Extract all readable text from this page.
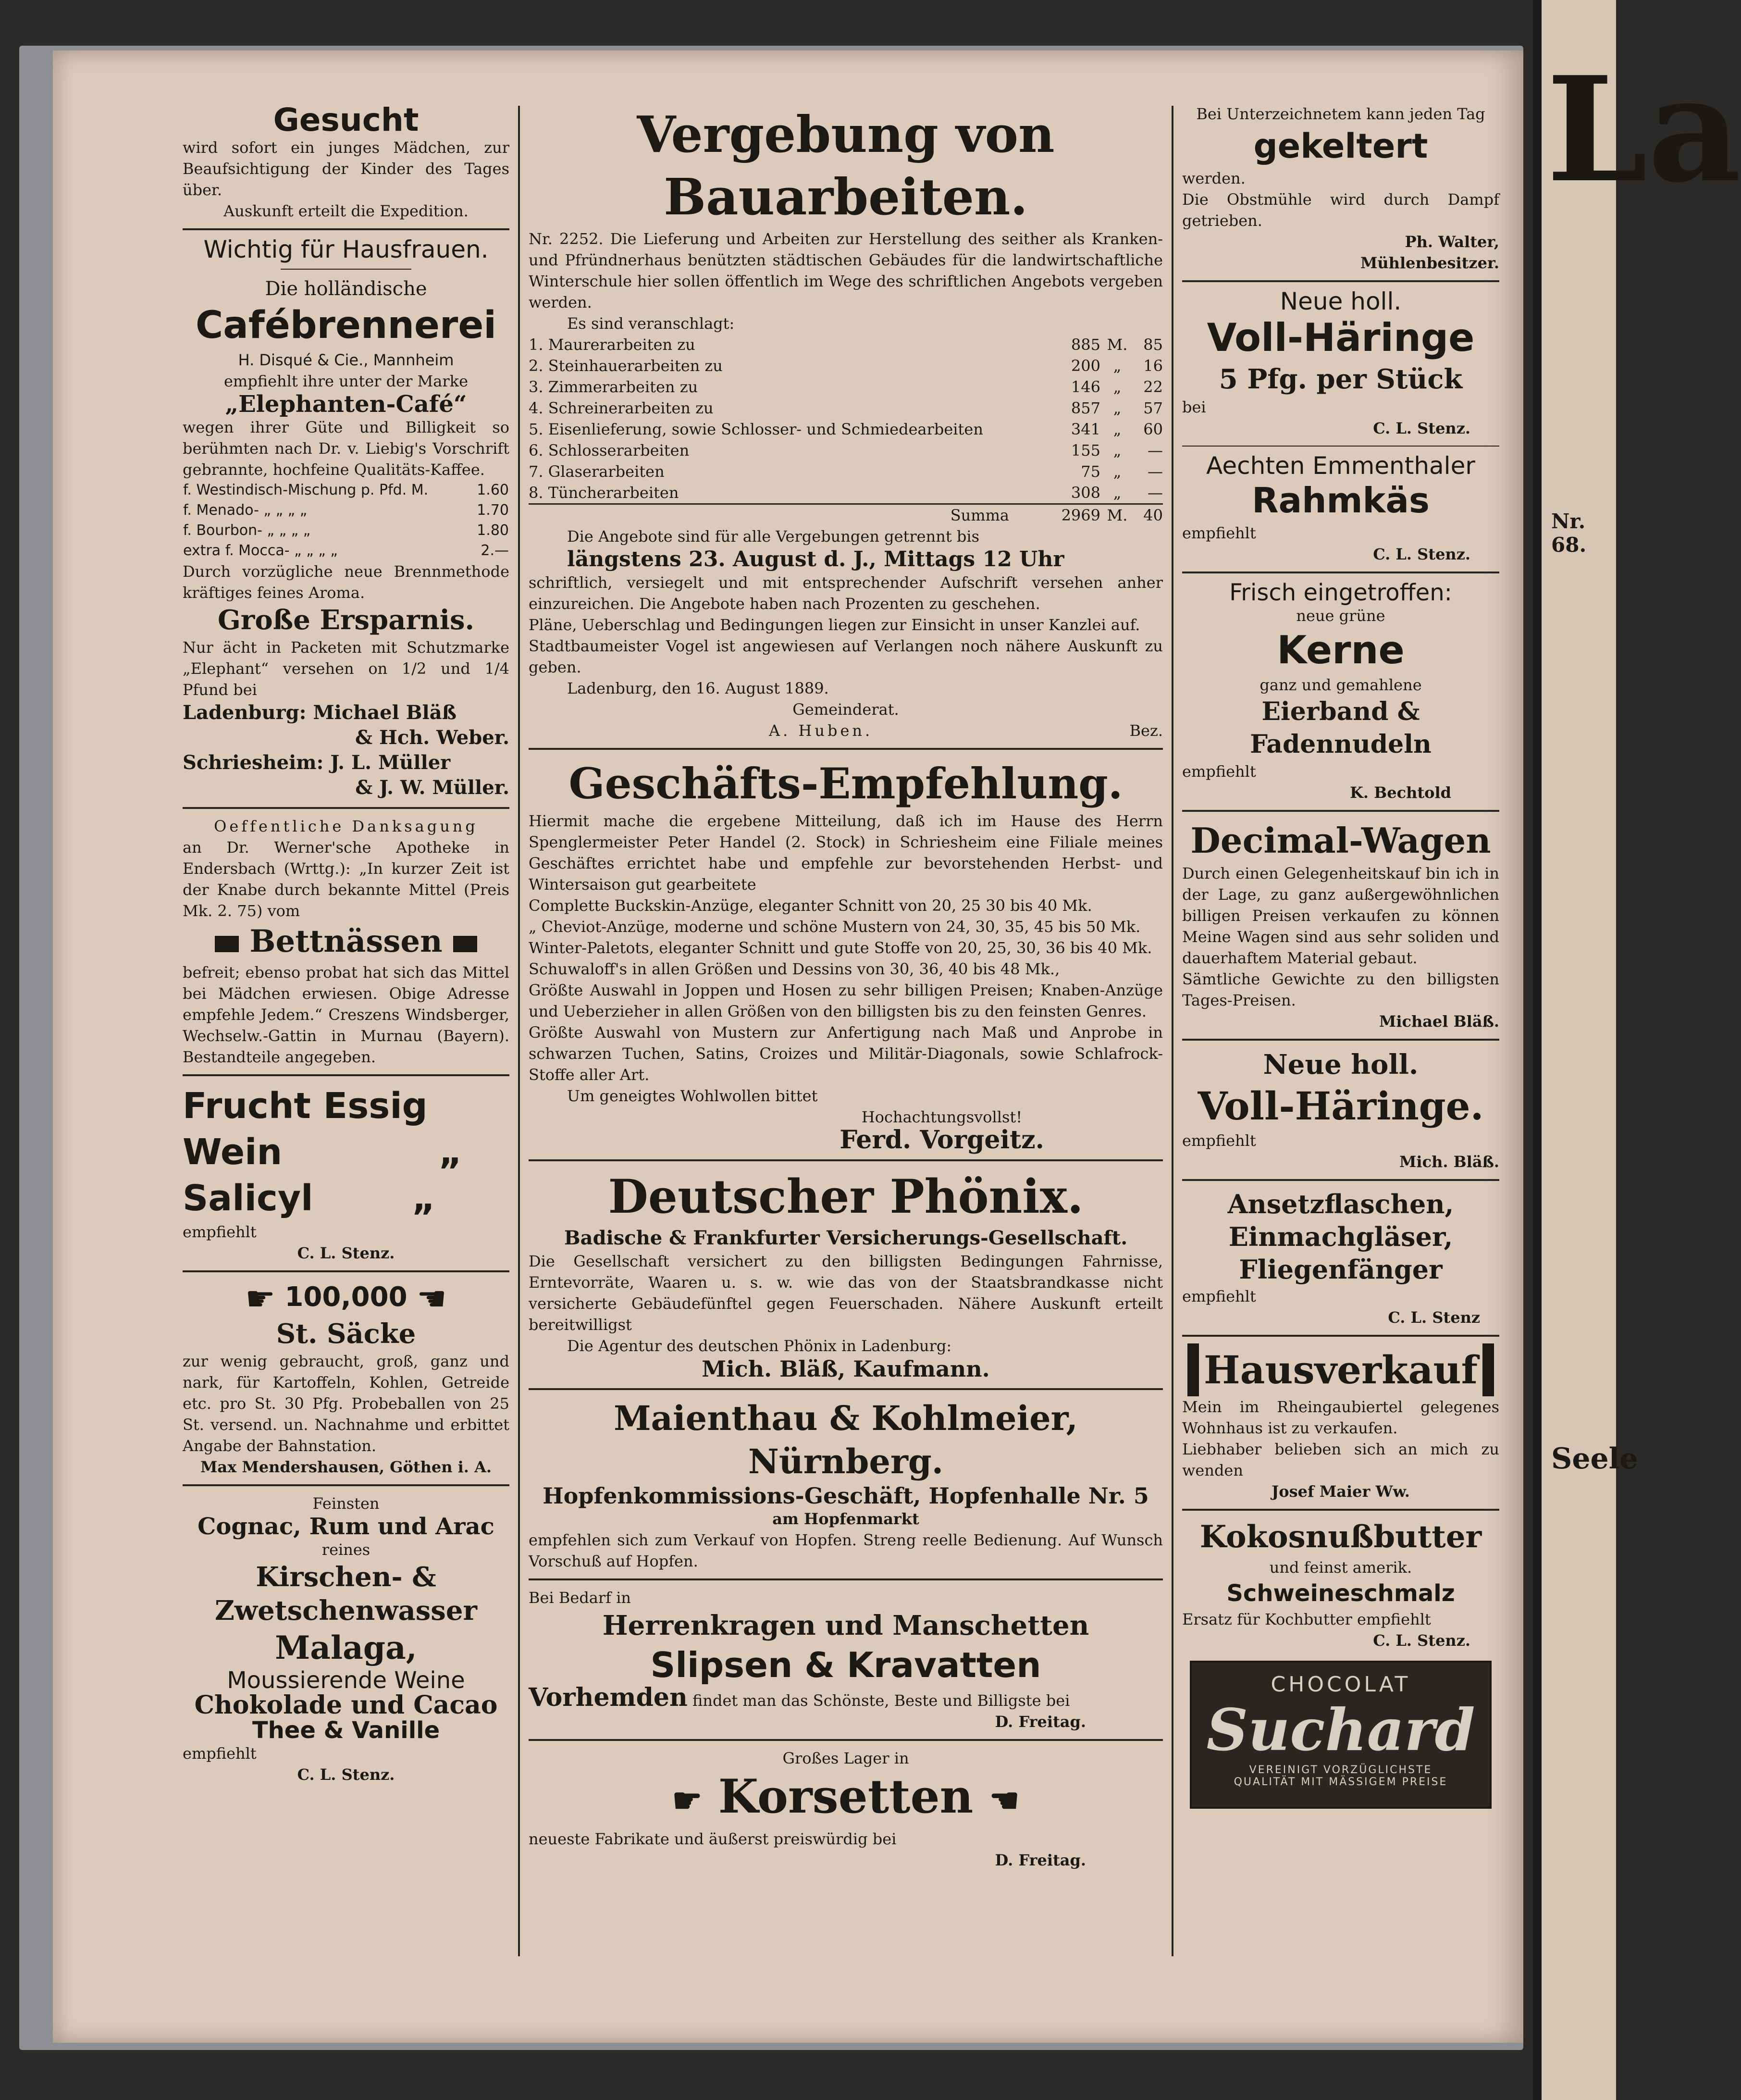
Gesucht
wird sofort ein junges Mädchen, zur Beaufsichtigung der Kinder des Tages über.
Auskunft erteilt die Expedition.
Wichtig für Hausfrauen.
Die holländische
Cafébrennerei
H. Disqué & Cie., Mannheim
empfiehlt ihre unter der Marke
„Elephanten-Café“
wegen ihrer Güte und Billigkeit so berühmten nach Dr. v. Liebig's Vorschrift gebrannte, hochfeine Qualitäts-Kaffee.
f. Westindisch-Mischung p. Pfd. M.	1.60
f. Menado- „ „ „ „	1.70
f. Bourbon- „ „ „ „	1.80
extra f. Mocca- „ „ „ „	2.—
Durch vorzügliche neue Brennmethode kräftiges feines Aroma.
Große Ersparnis.
Nur ächt in Packeten mit Schutzmarke „Elephant“ versehen on 1/2 und 1/4 Pfund bei
Ladenburg: Michael Bläß
& Hch. Weber.
Schriesheim: J. L. Müller
& J. W. Müller.
Oeffentliche Danksagung
an Dr. Werner'sche Apotheke in Endersbach (Wrttg.): „In kurzer Zeit ist der Knabe durch bekannte Mittel (Preis Mk. 2. 75) vom
Bettnässen
befreit; ebenso probat hat sich das Mittel bei Mädchen erwiesen. Obige Adresse empfehle Jedem.“ Creszens Windsberger, Wechselw.-Gattin in Murnau (Bayern). Bestandteile angegeben.
Frucht Essig
Wein	„
Salicyl	„
empfiehlt
C. L. Stenz.
☛ 100,000 ☚
St. Säcke
zur wenig gebraucht, groß, ganz und nark, für Kartoffeln, Kohlen, Getreide etc. pro St. 30 Pfg. Probeballen von 25 St. versend. un. Nachnahme und erbittet Angabe der Bahnstation.
Max Mendershausen, Göthen i. A.
Feinsten
Cognac, Rum und Arac
reines
Kirschen- &
Zwetschenwasser
Malaga,
Moussierende Weine
Chokolade und Cacao
Thee & Vanille
empfiehlt
C. L. Stenz.
Vergebung von Bauarbeiten.
Nr. 2252. Die Lieferung und Arbeiten zur Herstellung des seither als Kranken- und Pfründnerhaus benützten städtischen Gebäudes für die landwirtschaftliche Winterschule hier sollen öffentlich im Wege des schriftlichen Angebots vergeben werden.
Es sind veranschlagt:
1. Maurerarbeiten zu	885	M.	85
2. Steinhauerarbeiten zu	200	„	16
3. Zimmerarbeiten zu	146	„	22
4. Schreinerarbeiten zu	857	„	57
5. Eisenlieferung, sowie Schlosser- und Schmiedearbeiten	341	„	60
6. Schlosserarbeiten	155	„	—
7. Glaserarbeiten	75	„	—
8. Tüncherarbeiten	308	„	—
Summa	2969	M.	40
Die Angebote sind für alle Vergebungen getrennt bis
längstens 23. August d. J., Mittags 12 Uhr
schriftlich, versiegelt und mit entsprechender Aufschrift versehen anher einzureichen. Die Angebote haben nach Prozenten zu geschehen.
Pläne, Ueberschlag und Bedingungen liegen zur Einsicht in unser Kanzlei auf.
Stadtbaumeister Vogel ist angewiesen auf Verlangen noch nähere Auskunft zu geben.
Ladenburg, den 16. August 1889.
Gemeinderat.
A. Huben.	Bez.
Geschäfts-Empfehlung.
Hiermit mache die ergebene Mitteilung, daß ich im Hause des Herrn Spenglermeister Peter Handel (2. Stock) in Schriesheim eine Filiale meines Geschäftes errichtet habe und empfehle zur bevorstehenden Herbst- und Wintersaison gut gearbeitete
Complette Buckskin-Anzüge, eleganter Schnitt von 20, 25 30 bis 40 Mk.
„ Cheviot-Anzüge, moderne und schöne Mustern von 24, 30, 35, 45 bis 50 Mk.
Winter-Paletots, eleganter Schnitt und gute Stoffe von 20, 25, 30, 36 bis 40 Mk.
Schuwaloff's in allen Größen und Dessins von 30, 36, 40 bis 48 Mk.,
Größte Auswahl in Joppen und Hosen zu sehr billigen Preisen; Knaben-Anzüge und Ueberzieher in allen Größen von den billigsten bis zu den feinsten Genres.
Größte Auswahl von Mustern zur Anfertigung nach Maß und Anprobe in schwarzen Tuchen, Satins, Croizes und Militär-Diagonals, sowie Schlafrock-Stoffe aller Art.
Um geneigtes Wohlwollen bittet
Hochachtungsvollst!
Ferd. Vorgeitz.
Deutscher Phönix.
Badische & Frankfurter Versicherungs-Gesellschaft.
Die Gesellschaft versichert zu den billigsten Bedingungen Fahrnisse, Erntevorräte, Waaren u. s. w. wie das von der Staatsbrandkasse nicht versicherte Gebäudefünftel gegen Feuerschaden. Nähere Auskunft erteilt bereitwilligst
Die Agentur des deutschen Phönix in Ladenburg:
Mich. Bläß, Kaufmann.
Maienthau & Kohlmeier, Nürnberg.
Hopfenkommissions-Geschäft, Hopfenhalle Nr. 5
am Hopfenmarkt
empfehlen sich zum Verkauf von Hopfen. Streng reelle Bedienung. Auf Wunsch Vorschuß auf Hopfen.
Bei Bedarf in
Herrenkragen und Manschetten
Slipsen & Kravatten
Vorhemden findet man das Schönste, Beste und Billigste bei
D. Freitag.
Großes Lager in
☛ Korsetten ☚
neueste Fabrikate und äußerst preiswürdig bei
D. Freitag.
Bei Unterzeichnetem kann jeden Tag
gekeltert
werden.
Die Obstmühle wird durch Dampf getrieben.
Ph. Walter,
Mühlenbesitzer.
Neue holl.
Voll-Häringe
5 Pfg. per Stück
bei
C. L. Stenz.
Aechten Emmenthaler
Rahmkäs
empfiehlt
C. L. Stenz.
Frisch eingetroffen:
neue grüne
Kerne
ganz und gemahlene
Eierband & Fadennudeln
empfiehlt
K. Bechtold
Decimal-Wagen
Durch einen Gelegenheitskauf bin ich in der Lage, zu ganz außergewöhnlichen billigen Preisen verkaufen zu können Meine Wagen sind aus sehr soliden und dauerhaftem Material gebaut.
Sämtliche Gewichte zu den billigsten Tages-Preisen.
Michael Bläß.
Neue holl.
Voll-Häringe.
empfiehlt
Mich. Bläß.
Ansetzflaschen,
Einmachgläser,
Fliegenfänger
empfiehlt
C. L. Stenz
Hausverkauf
Mein im Rheingaubiertel gelegenes Wohnhaus ist zu verkaufen.
Liebhaber belieben sich an mich zu wenden
Josef Maier Ww.
Kokosnußbutter
und feinst amerik.
Schweineschmalz
Ersatz für Kochbutter empfiehlt
C. L. Stenz.
CHOCOLAT
Suchard
VEREINIGT VORZÜGLICHSTE
QUALITÄT MIT MÄSSIGEM PREISE
La
Nr. 68.
Seele
